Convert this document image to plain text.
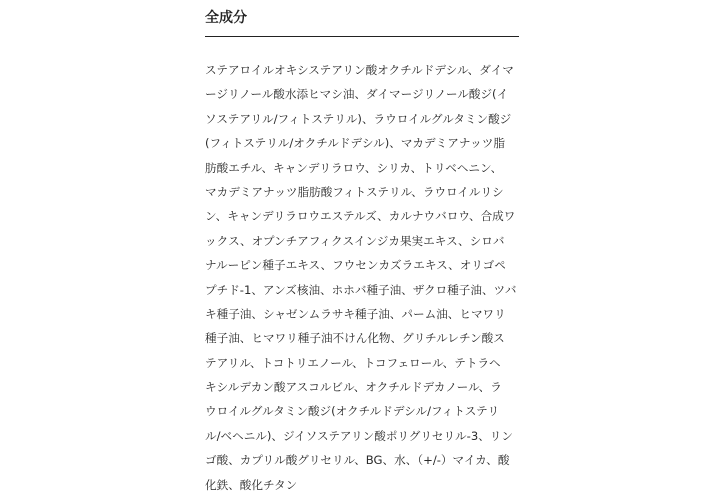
全成分
ステアロイルオキシステアリン酸オクチルドデシル、ダイマ
ージリノール酸水添ヒマシ油、ダイマージリノール酸ジ(イ
ソステアリル/フィトステリル)、ラウロイルグルタミン酸ジ
(フィトステリル/オクチルドデシル)、マカデミアナッツ脂
肪酸エチル、キャンデリラロウ、シリカ、トリベヘニン、
マカデミアナッツ脂肪酸フィトステリル、ラウロイルリシ
ン、キャンデリラロウエステルズ、カルナウバロウ、合成ワ
ックス、オプンチアフィクスインジカ果実エキス、シロバ
ナルーピン種子エキス、フウセンカズラエキス、オリゴペ
プチド-1、アンズ核油、ホホバ種子油、ザクロ種子油、ツバ
キ種子油、シャゼンムラサキ種子油、パーム油、ヒマワリ
種子油、ヒマワリ種子油不けん化物、グリチルレチン酸ス
テアリル、トコトリエノール、トコフェロール、テトラヘ
キシルデカン酸アスコルビル、オクチルドデカノール、ラ
ウロイルグルタミン酸ジ(オクチルドデシル/フィトステリ
ル/ベヘニル)、ジイソステアリン酸ポリグリセリル-3、リン
ゴ酸、カプリル酸グリセリル、BG、水、（+/-）マイカ、酸
化鉄、酸化チタン
